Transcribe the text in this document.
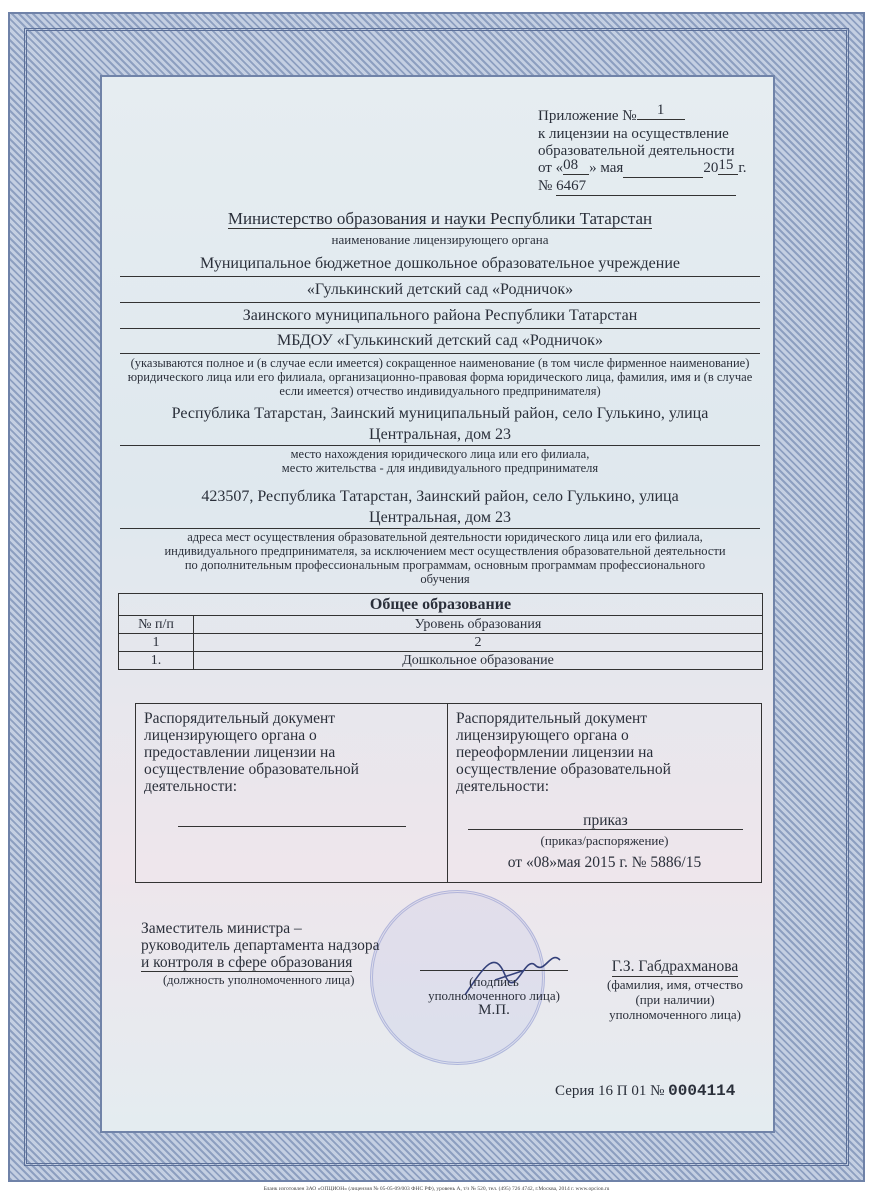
Приложение № 1
к лицензии на осуществление
образовательной деятельности
от «08 » мая	2015 г.
№ 6467
Министерство образования и науки Республики Татарстан
наименование лицензирующего органа
Муниципальное бюджетное дошкольное образовательное учреждение
«Гулькинский детский сад «Родничок»
Заинского муниципального района Республики Татарстан
МБДОУ «Гулькинский детский сад «Родничок»
(указываются полное и (в случае если имеется) сокращенное наименование (в том числе фирменное наименование) юридического лица или его филиала, организационно-правовая форма юридического лица, фамилия, имя и (в случае если имеется) отчество индивидуального предпринимателя)
Республика Татарстан, Заинский муниципальный район, село Гулькино, улица
Центральная, дом 23
место нахождения юридического лица или его филиала,
место жительства - для индивидуального предпринимателя
423507, Республика Татарстан, Заинский район, село Гулькино, улица
Центральная, дом 23
адреса мест осуществления образовательной деятельности юридического лица или его филиала, индивидуального предпринимателя, за исключением мест осуществления образовательной деятельности по дополнительным профессиональным программам, основным программам профессионального обучения
Общее образование	
№ п/п	Уровень образования
1	2
1.	Дошкольное образование
Распорядительный документ лицензирующего органа о предоставлении лицензии на осуществление образовательной деятельности:
Распорядительный документ лицензирующего органа о переоформлении лицензии на осуществление образовательной деятельности:
приказ
(приказ/распоряжение)
от «08»мая 2015 г. № 5886/15
Заместитель министра –
руководитель департамента надзора
и контроля в сфере образования
(должность уполномоченного лица)	(подпись
уполномоченного лица)
М.П.
Г.З. Габдрахманова
(фамилия, имя, отчество
(при наличии)
уполномоченного лица)
Серия 16 П 01 № 0004114
Бланк изготовлен ЗАО «ОПЦИОН» (лицензия № 05-05-09/003 ФНС РФ), уровень А, т/з № 520, тел. (495) 726 4742, г.Москва, 2014 г. www.opcion.ru
